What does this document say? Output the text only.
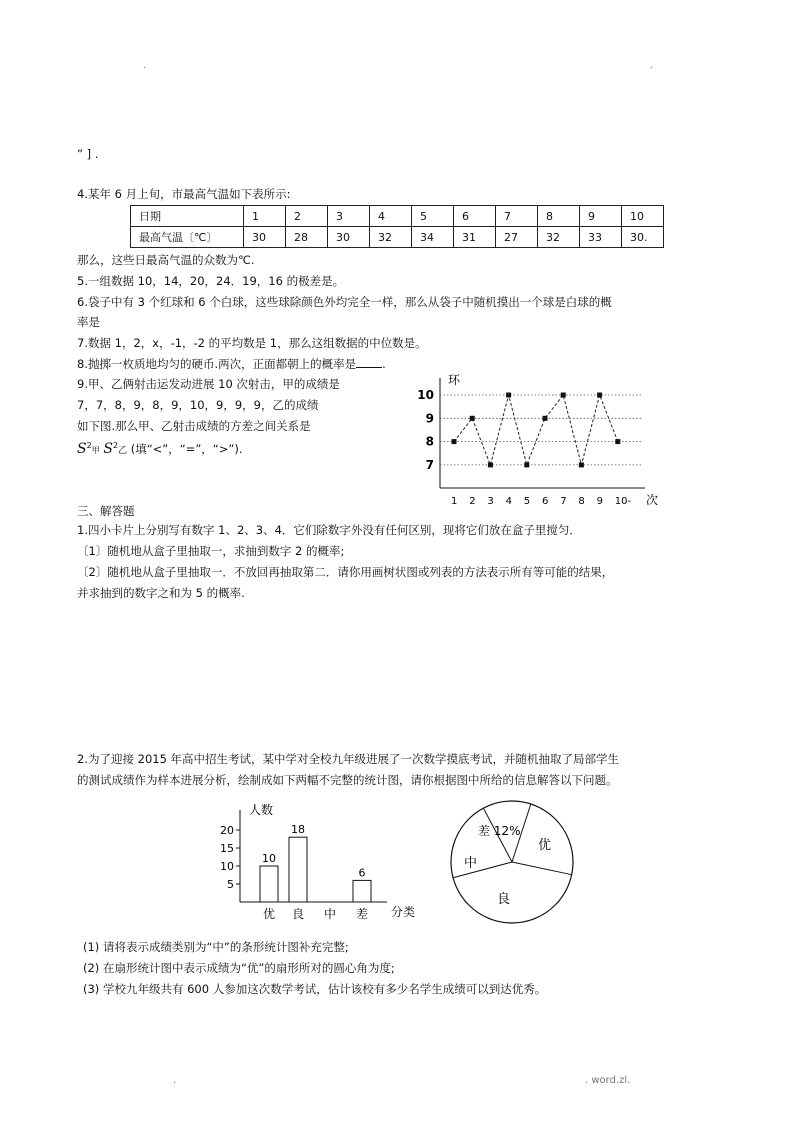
.	.
” ] .
4.某年 6 月上旬，市最高气温如下表所示:
日期	1	2	3	4	5	6	7	8	9	10
最高气温〔℃〕	30	28	30	32	34	31	27	32	33	30.
那么，这些日最高气温的众数为℃.
5.一组数据 10，14，20，24．19，16 的极差是。
6.袋子中有 3 个红球和 6 个白球，这些球除颜色外均完全一样，那么从袋子中随机摸出一个球是白球的概
率是
7.数据 1，2，x，-1，-2 的平均数是 1，那么这组数据的中位数是。
8.抛掷一枚质地均匀的硬币.两次，正面都朝上的概率是 .
9.甲、乙俩射击运发动进展 10 次射击，甲的成绩是
7，7，8，9，8，9，10，9，9，9，乙的成绩
如下图.那么甲、乙射击成绩的方差之间关系是
$S^2$甲 $S^2$乙 (填“<”，“=”，“>”).
环
次
7
8
9
10
1 2 3 4 5 6 7 8 9 10-
三、解答题
1.四小卡片上分别写有数字 1、2、3、4．它们除数字外没有任何区别，现将它们放在盒子里搅匀．
〔1〕随机地从盒子里抽取一，求抽到数字 2 的概率;
〔2〕随机地从盒子里抽取一．不放回再抽取第二．请你用画树状图或列表的方法表示所有等可能的结果，
并求抽到的数字之和为 5 的概率.
2.为了迎接 2015 年高中招生考试，某中学对全校九年级进展了一次数学摸底考试，并随机抽取了局部学生
的测试成绩作为样本进展分析，绘制成如下两幅不完整的统计图，请你根据图中所给的信息解答以下问题。
人数
分类
5
10
15
20
10
优
18
良 中
6
差
差 12%
优
良
中
(1) 请将表示成绩类别为“中”的条形统计图补充完整;
(2) 在扇形统计图中表示成绩为“优”的扇形所对的圆心角为度;
(3) 学校九年级共有 600 人参加这次数学考试，估计该校有多少名学生成绩可以到达优秀。
.	. word.zl.
